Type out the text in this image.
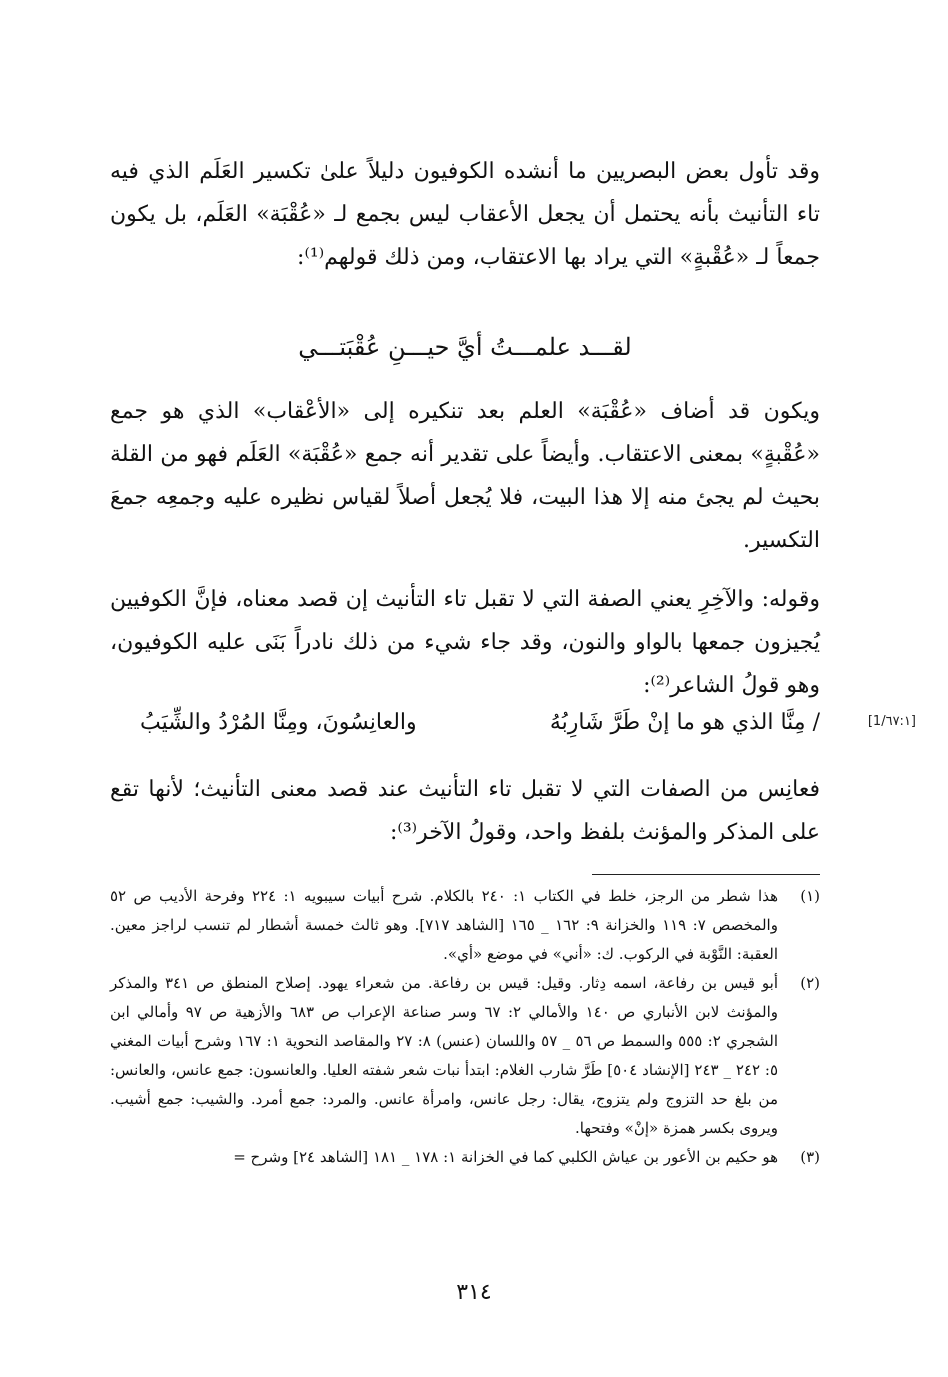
وقد تأول بعض البصريين ما أنشده الكوفيون دليلاً علىٰ تكسير العَلَم الذي فيه تاء التأنيث بأنه يحتمل أن يجعل الأعقاب ليس بجمع لـ «عُقْبَة» العَلَم، بل يكون جمعاً لـ «عُقْبةٍ» التي يراد بها الاعتقاب، ومن ذلك قولهم⁽¹⁾:

لقـــد علمـــتُ أيَّ حيـــنِ عُقْبَتـــي

ويكون قد أضاف «عُقْبَة» العلم بعد تنكيره إلى «الأعْقاب» الذي هو جمع «عُقْبةٍ» بمعنى الاعتقاب. وأيضاً على تقدير أنه جمع «عُقْبَة» العَلَم فهو من القلة بحيث لم يجئ منه إلا هذا البيت، فلا يُجعل أصلاً لقياس نظيره عليه وجمعِه جمعَ التكسير.

وقوله: والآخِرِ يعني الصفة التي لا تقبل تاء التأنيث إن قصد معناه، فإنَّ الكوفيين يُجيزون جمعها بالواو والنون، وقد جاء شيء من ذلك نادراً بَنَى عليه الكوفيون، وهو قولُ الشاعر⁽²⁾:

[1/٦٧:١]
/ مِنَّا الذي هو ما إنْ طَرَّ شَارِبُهُ
والعانِسُونَ، ومِنَّا المُرْدُ والشِّيَبُ

فعانِس من الصفات التي لا تقبل تاء التأنيث عند قصد معنى التأنيث؛ لأنها تقع على المذكر والمؤنث بلفظ واحد، وقولُ الآخر⁽³⁾:

(١)
هذا شطر من الرجز، خلط في الكتاب ١: ٢٤٠ بالكلام. شرح أبيات سيبويه ١: ٢٢٤ وفرحة الأديب ص ٥٢ والمخصص ٧: ١١٩ والخزانة ٩: ١٦٢ _ ١٦٥ [الشاهد ٧١٧]. وهو ثالث خمسة أشطار لم تنسب لراجز معين. العقبة: النَّوْبة في الركوب. ك: «أني» في موضع «أي».
(٢)
أبو قيس بن رفاعة، اسمه دِثار. وقيل: قيس بن رفاعة. من شعراء يهود. إصلاح المنطق ص ٣٤١ والمذكر والمؤنث لابن الأنباري ص ١٤٠ والأمالي ٢: ٦٧ وسر صناعة الإعراب ص ٦٨٣ والأزهية ص ٩٧ وأمالي ابن الشجري ٢: ٥٥٥ والسمط ص ٥٦ _ ٥٧ واللسان (عنس) ٨: ٢٧ والمقاصد النحوية ١: ١٦٧ وشرح أبيات المغني ٥: ٢٤٢ _ ٢٤٣ [الإنشاد ٥٠٤] طَرَّ شارب الغلام: ابتدأ نبات شعر شفته العليا. والعانسون: جمع عانس، والعانس: من بلغ حد التزوج ولم يتزوج، يقال: رجل عانس، وامرأة عانس. والمرد: جمع أمرد. والشيب: جمع أشيب. ويروى بكسر همزة «إنْ» وفتحها.
(٣)
هو حكيم بن الأعور بن عياش الكلبي كما في الخزانة ١: ١٧٨ _ ١٨١ [الشاهد ٢٤] وشرح =
٣١٤
